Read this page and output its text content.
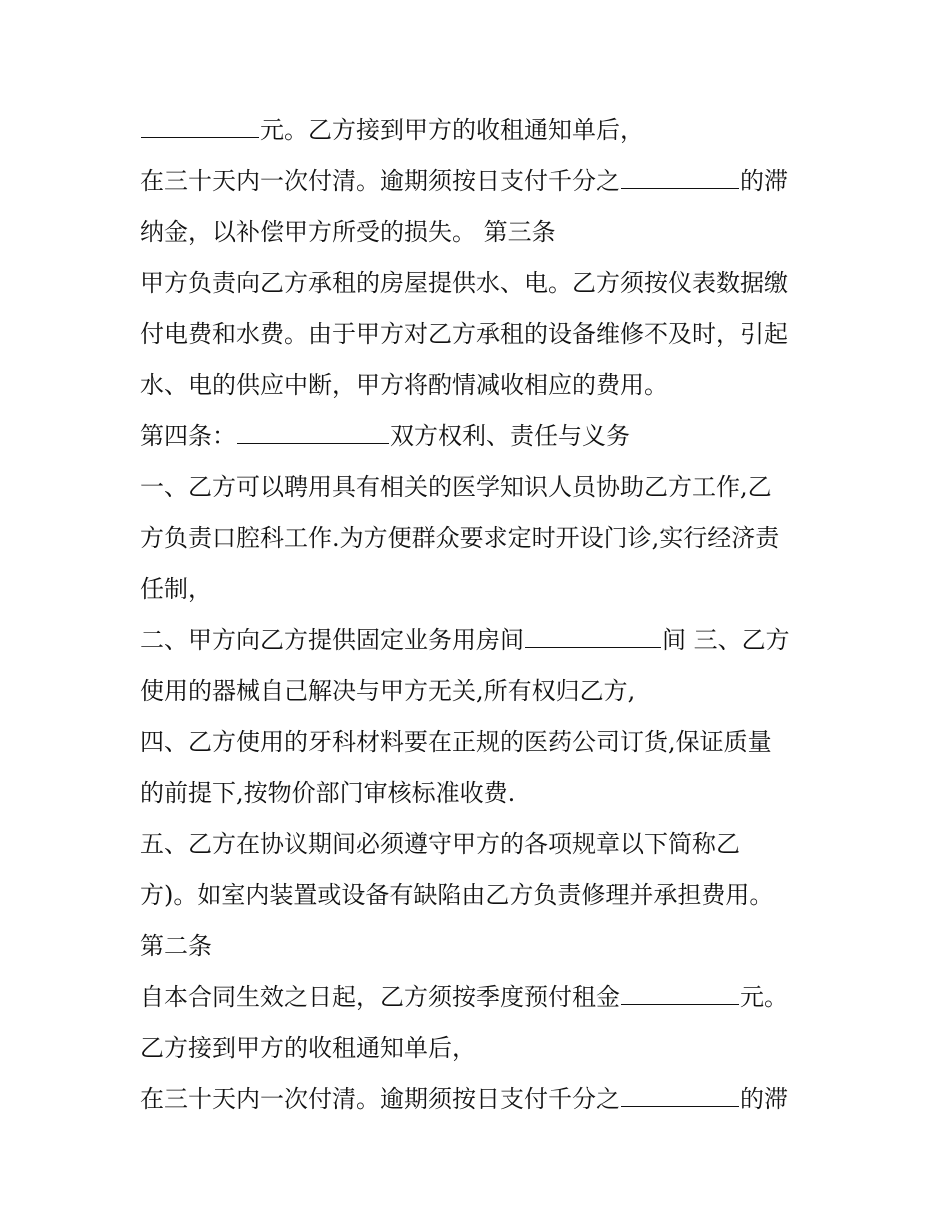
元。乙方接到甲方的收租通知单后，
在三十天内一次付清。逾期须按日支付千分之	的滞
纳金，以补偿甲方所受的损失。 第三条
甲方负责向乙方承租的房屋提供水、电。乙方须按仪表数据缴
付电费和水费。由于甲方对乙方承租的设备维修不及时，引起
水、电的供应中断，甲方将酌情减收相应的费用。
第四条：	双方权利、责任与义务
一、乙方可以聘用具有相关的医学知识人员协助乙方工作,乙
方负责口腔科工作.为方便群众要求定时开设门诊,实行经济责
任制，
二、甲方向乙方提供固定业务用房间	间 三、乙方
使用的器械自己解决与甲方无关,所有权归乙方,
四、乙方使用的牙科材料要在正规的医药公司订货,保证质量
的前提下,按物价部门审核标准收费.
五、乙方在协议期间必须遵守甲方的各项规章以下简称乙
方)。如室内装置或设备有缺陷由乙方负责修理并承担费用。
第二条
自本合同生效之日起，乙方须按季度预付租金	元。
乙方接到甲方的收租通知单后，
在三十天内一次付清。逾期须按日支付千分之	的滞
